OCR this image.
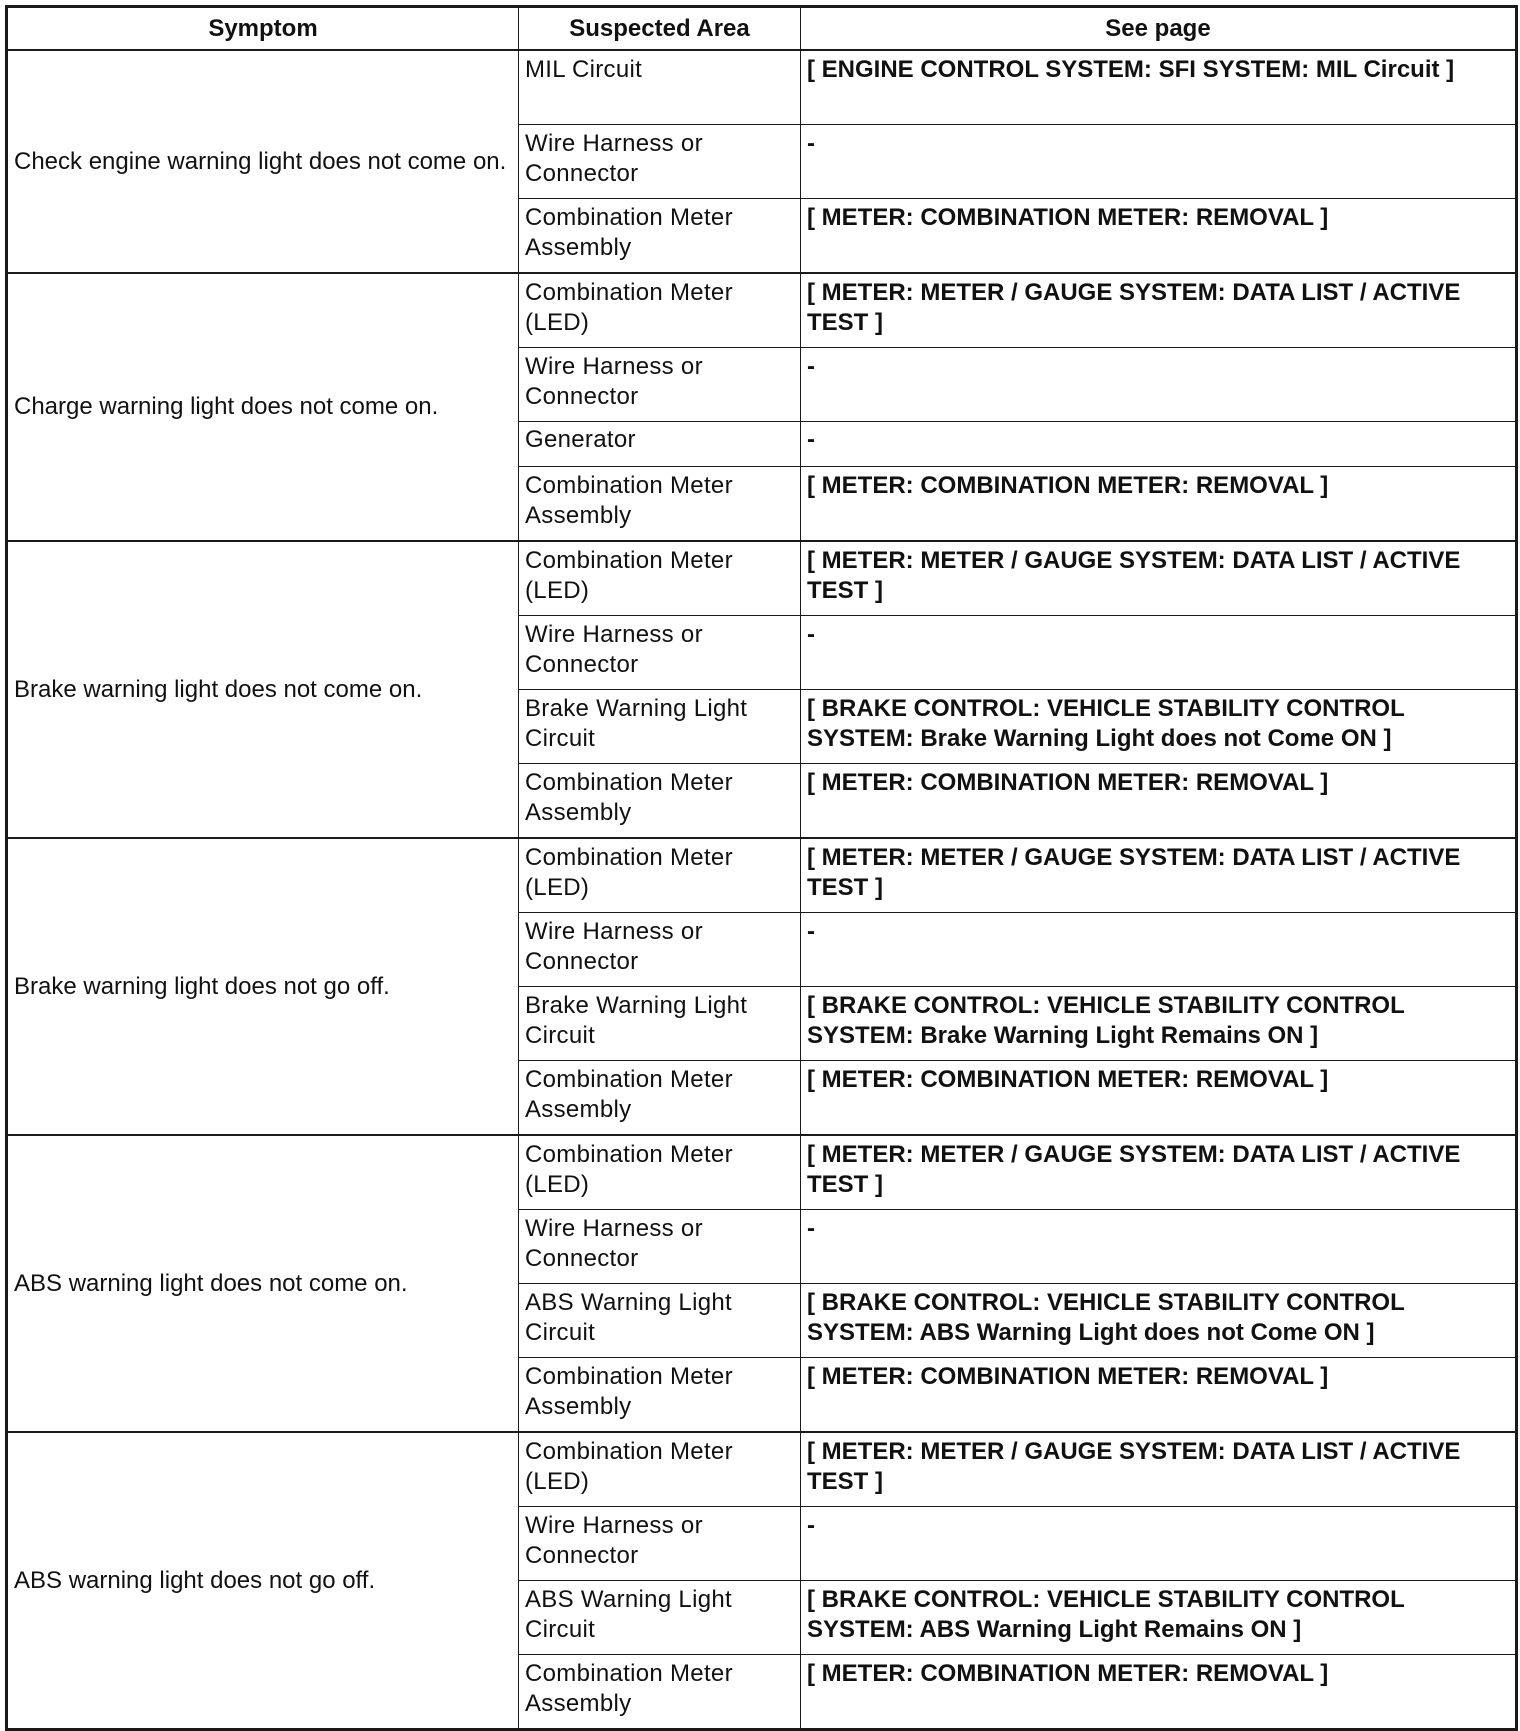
Symptom	Suspected Area	See page
Check engine warning light does not come on.	MIL Circuit	[ ENGINE CONTROL SYSTEM: SFI SYSTEM: MIL Circuit ]
	Wire Harness or Connector	-
	Combination Meter Assembly	[ METER: COMBINATION METER: REMOVAL ]
Charge warning light does not come on.	Combination Meter (LED)	[ METER: METER / GAUGE SYSTEM: DATA LIST / ACTIVE TEST ]
	Wire Harness or Connector	-
	Generator	-
	Combination Meter Assembly	[ METER: COMBINATION METER: REMOVAL ]
Brake warning light does not come on.	Combination Meter (LED)	[ METER: METER / GAUGE SYSTEM: DATA LIST / ACTIVE TEST ]
	Wire Harness or Connector	-
	Brake Warning Light Circuit	[ BRAKE CONTROL: VEHICLE STABILITY CONTROL SYSTEM: Brake Warning Light does not Come ON ]
	Combination Meter Assembly	[ METER: COMBINATION METER: REMOVAL ]
Brake warning light does not go off.	Combination Meter (LED)	[ METER: METER / GAUGE SYSTEM: DATA LIST / ACTIVE TEST ]
	Wire Harness or Connector	-
	Brake Warning Light Circuit	[ BRAKE CONTROL: VEHICLE STABILITY CONTROL SYSTEM: Brake Warning Light Remains ON ]
	Combination Meter Assembly	[ METER: COMBINATION METER: REMOVAL ]
ABS warning light does not come on.	Combination Meter (LED)	[ METER: METER / GAUGE SYSTEM: DATA LIST / ACTIVE TEST ]
	Wire Harness or Connector	-
	ABS Warning Light Circuit	[ BRAKE CONTROL: VEHICLE STABILITY CONTROL SYSTEM: ABS Warning Light does not Come ON ]
	Combination Meter Assembly	[ METER: COMBINATION METER: REMOVAL ]
ABS warning light does not go off.	Combination Meter (LED)	[ METER: METER / GAUGE SYSTEM: DATA LIST / ACTIVE TEST ]
	Wire Harness or Connector	-
	ABS Warning Light Circuit	[ BRAKE CONTROL: VEHICLE STABILITY CONTROL SYSTEM: ABS Warning Light Remains ON ]
	Combination Meter Assembly	[ METER: COMBINATION METER: REMOVAL ]
